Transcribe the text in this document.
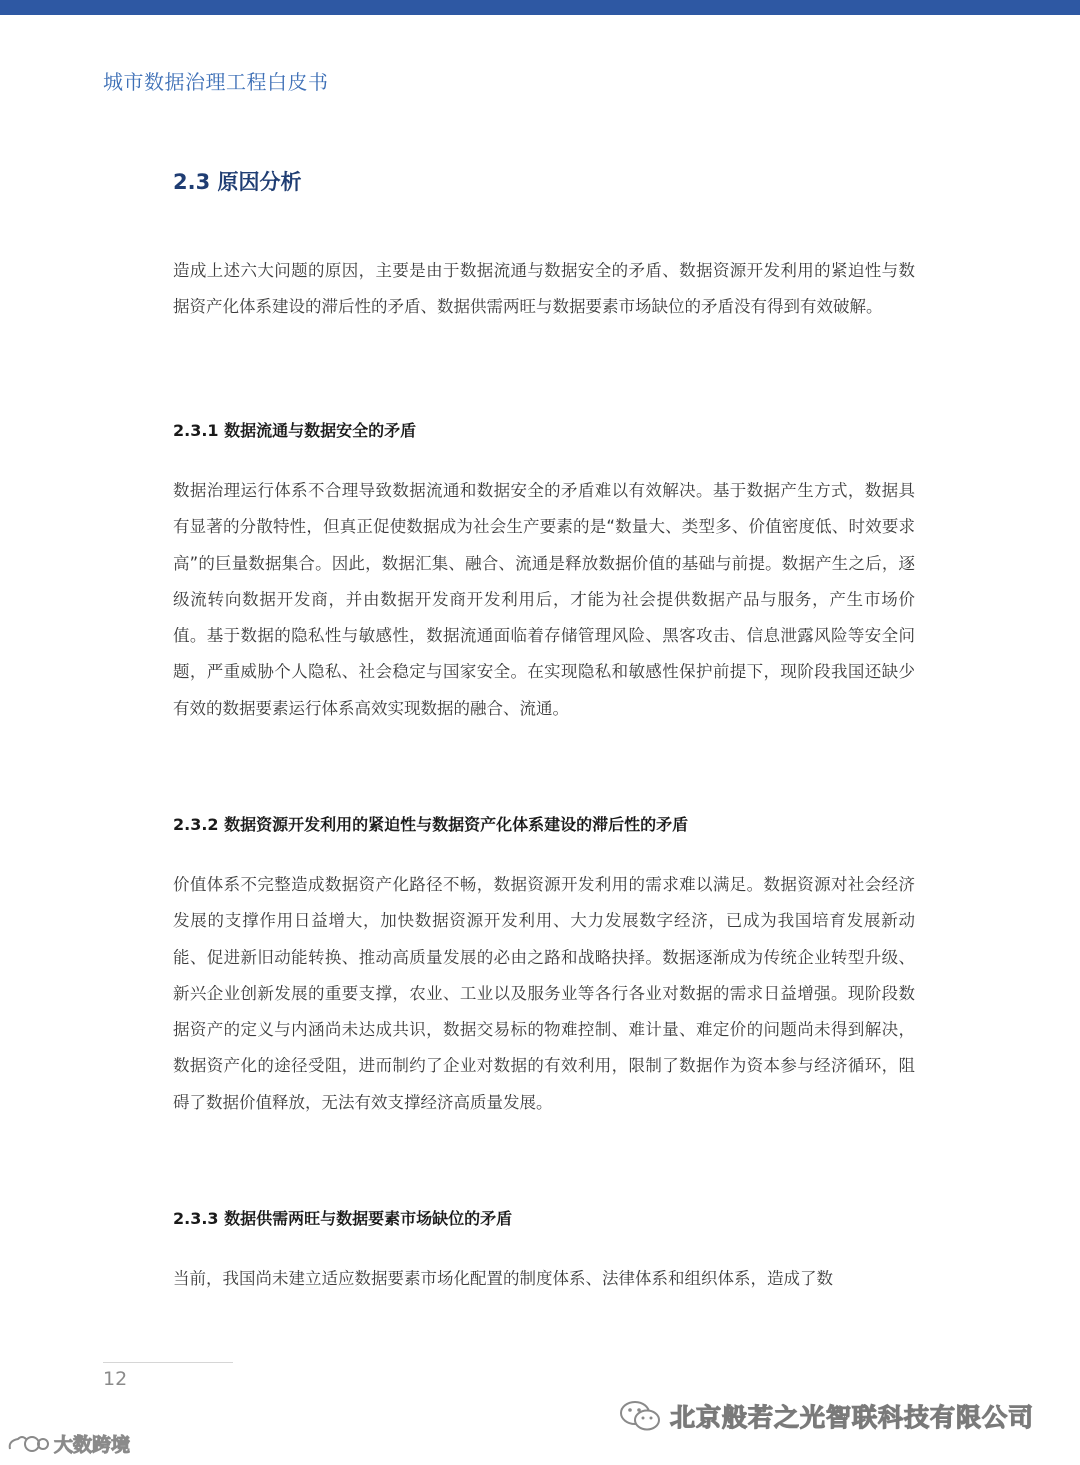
城市数据治理工程白皮书
2.3 原因分析

造成上述六大问题的原因，主要是由于数据流通与数据安全的矛盾、数据资源开发利用的紧迫性与数据资产化体系建设的滞后性的矛盾、数据供需两旺与数据要素市场缺位的矛盾没有得到有效破解。

2.3.1 数据流通与数据安全的矛盾

数据治理运行体系不合理导致数据流通和数据安全的矛盾难以有效解决。基于数据产生方式，数据具有显著的分散特性，但真正促使数据成为社会生产要素的是“数量大、类型多、价值密度低、时效要求高”的巨量数据集合。因此，数据汇集、融合、流通是释放数据价值的基础与前提。数据产生之后，逐级流转向数据开发商，并由数据开发商开发利用后，才能为社会提供数据产品与服务，产生市场价值。基于数据的隐私性与敏感性，数据流通面临着存储管理风险、黑客攻击、信息泄露风险等安全问题，严重威胁个人隐私、社会稳定与国家安全。在实现隐私和敏感性保护前提下，现阶段我国还缺少有效的数据要素运行体系高效实现数据的融合、流通。

2.3.2 数据资源开发利用的紧迫性与数据资产化体系建设的滞后性的矛盾

价值体系不完整造成数据资产化路径不畅，数据资源开发利用的需求难以满足。数据资源对社会经济发展的支撑作用日益增大，加快数据资源开发利用、大力发展数字经济，已成为我国培育发展新动能、促进新旧动能转换、推动高质量发展的必由之路和战略抉择。数据逐渐成为传统企业转型升级、新兴企业创新发展的重要支撑，农业、工业以及服务业等各行各业对数据的需求日益增强。现阶段数据资产的定义与内涵尚未达成共识，数据交易标的物难控制、难计量、难定价的问题尚未得到解决，数据资产化的途径受阻，进而制约了企业对数据的有效利用，限制了数据作为资本参与经济循环，阻碍了数据价值释放，无法有效支撑经济高质量发展。

2.3.3 数据供需两旺与数据要素市场缺位的矛盾

当前，我国尚未建立适应数据要素市场化配置的制度体系、法律体系和组织体系，造成了数

12
北京般若之光智联科技有限公司
大数跨境
